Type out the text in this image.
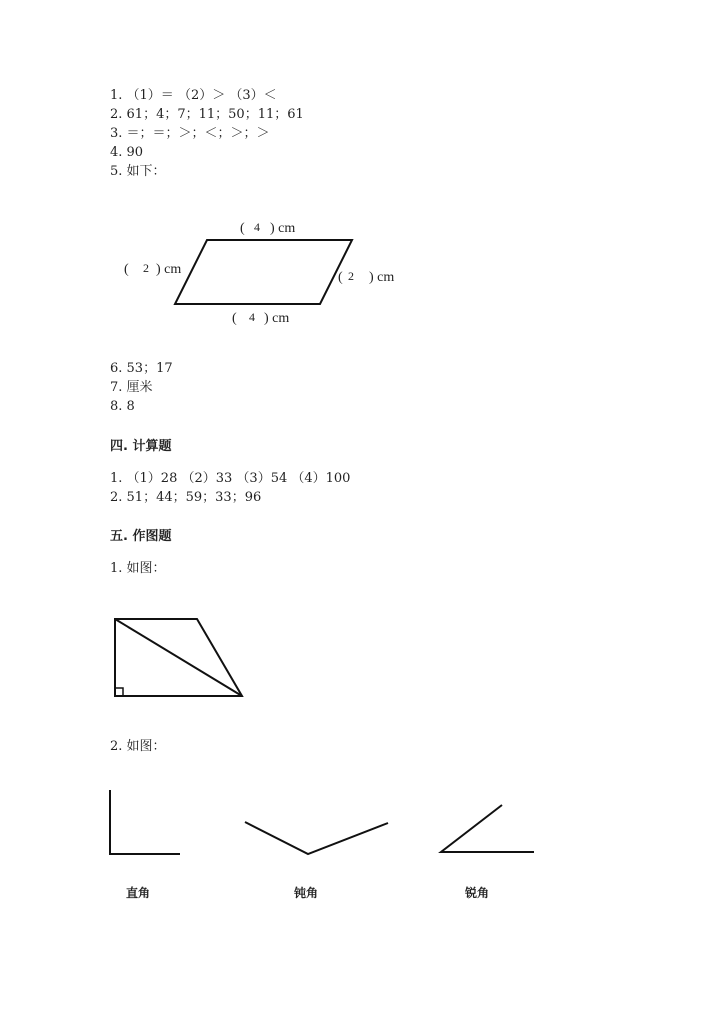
1. （1）＝ （2）＞ （3）＜
2. 61；4；7；11；50；11；61
3. ＝；＝；＞；＜；＞；＞
4. 90
5. 如下：
( 4 ) cm
( 2 ) cm
( 2 ) cm
( 4 ) cm
直角	钝角	锐角
6. 53；17
7. 厘米
8. 8
四. 计算题
1. （1）28 （2）33 （3）54 （4）100
2. 51；44；59；33；96
五. 作图题
1. 如图：
2. 如图：
